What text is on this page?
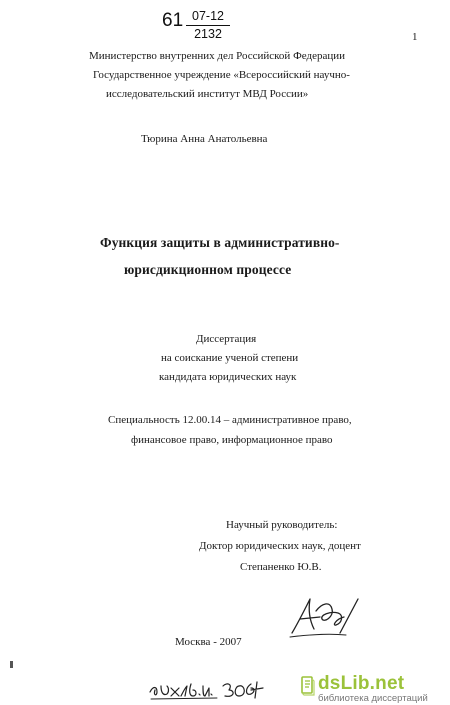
$61 \frac{07-12}{2132}$	1
Министерство внутренних дел Российской Федерации
Государственное учреждение «Всероссийский научно-
исследовательский институт МВД России»
Тюрина Анна Анатольевна
Функция защиты в административно-
юрисдикционном процессе
Диссертация
на соискание ученой степени
кандидата юридических наук
Специальность 12.00.14 – административное право,
финансовое право, информационное право
Научный руководитель:
Доктор юридических наук, доцент
Степаненко Ю.В.
Москва - 2007
dsLib.net
библиотека диссертаций
